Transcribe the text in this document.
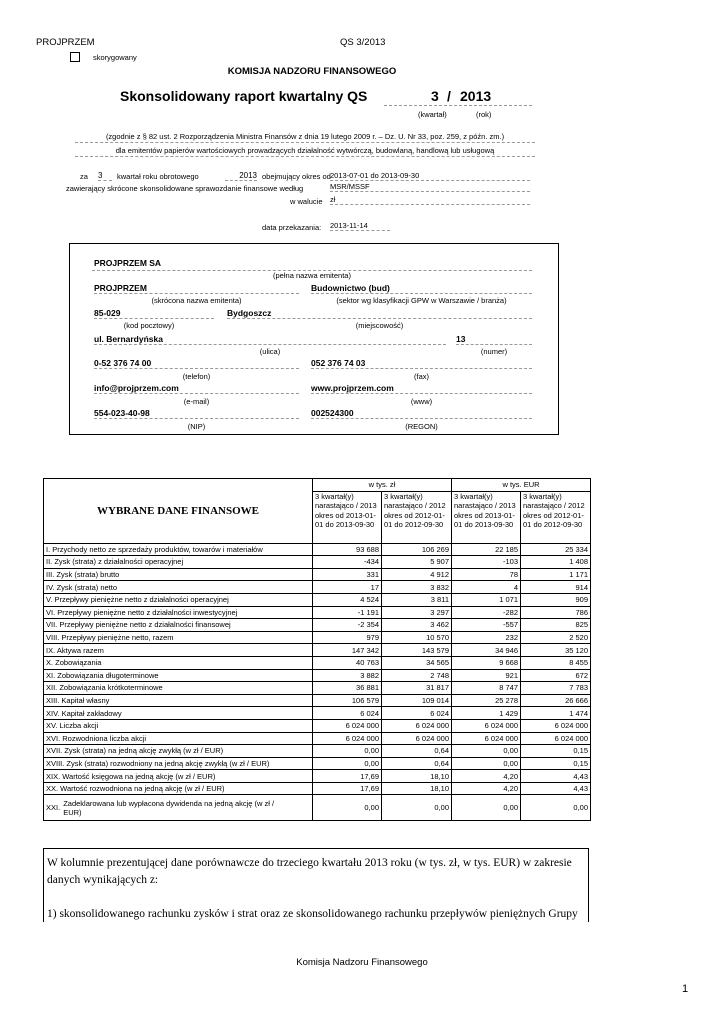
PROJPRZEM	QS 3/2013
skorygowany
KOMISJA NADZORU FINANSOWEGO
Skonsolidowany raport kwartalny QS	3 / 2013
(kwartał)	(rok)
(zgodnie z § 82 ust. 2 Rozporządzenia Ministra Finansów z dnia 19 lutego 2009 r. – Dz. U. Nr 33, poz. 259, z późn. zm.)
dla emitentów papierów wartościowych prowadzących działalność wytwórczą, budowlaną, handlową lub usługową
za 3	kwartał roku obrotowego	2013 obejmujący okres od 2013-07-01 do 2013-09-30
zawierający skrócone skonsolidowane sprawozdanie finansowe według	MSR/MSSF
w walucie zł
data przekazania: 2013-11-14
PROJPRZEM SA
(pełna nazwa emitenta)
PROJPRZEM
(skrócona nazwa emitenta)
Budownictwo (bud)
(sektor wg klasyfikacji GPW w Warszawie / branża)
85-029
(kod pocztowy)
Bydgoszcz
(miejscowość)
ul. Bernardyńska
(ulica)
13
(numer)
0-52 376 74 00
(telefon)
052 376 74 03
(fax)
info@projprzem.com
(e-mail)
www.projprzem.com
(www)
554-023-40-98
(NIP)
002524300
(REGON)
WYBRANE DANE FINANSOWE	w tys. zł		w tys. EUR	
	3 kwartał(y) narastająco / 2013 okres od 2013-01-01 do 2013-09-30	3 kwartał(y) narastająco / 2012 okres od 2012-01-01 do 2012-09-30	3 kwartał(y) narastająco / 2013 okres od 2013-01-01 do 2013-09-30	3 kwartał(y) narastająco / 2012 okres od 2012-01-01 do 2012-09-30
I. Przychody netto ze sprzedaży produktów, towarów i materiałów	93 688	106 269	22 185	25 334
II. Zysk (strata) z działalności operacyjnej	-434	5 907	-103	1 408
III. Zysk (strata) brutto	331	4 912	78	1 171
IV. Zysk (strata) netto	17	3 832	4	914
V. Przepływy pieniężne netto z działalności operacyjnej	4 524	3 811	1 071	909
VI. Przepływy pieniężne netto z działalności inwestycyjnej	-1 191	3 297	-282	786
VII. Przepływy pieniężne netto z działalności finansowej	-2 354	3 462	-557	825
VIII. Przepływy pieniężne netto, razem	979	10 570	232	2 520
IX. Aktywa razem	147 342	143 579	34 946	35 120
X. Zobowiązania	40 763	34 565	9 668	8 455
XI. Zobowiązania długoterminowe	3 882	2 748	921	672
XII. Zobowiązania krótkoterminowe	36 881	31 817	8 747	7 783
XIII. Kapitał własny	106 579	109 014	25 278	26 666
XIV. Kapitał zakładowy	6 024	6 024	1 429	1 474
XV. Liczba akcji	6 024 000	6 024 000	6 024 000	6 024 000
XVI. Rozwodniona liczba akcji	6 024 000	6 024 000	6 024 000	6 024 000
XVII. Zysk (strata) na jedną akcję zwykłą (w zł / EUR)	0,00	0,64	0,00	0,15
XVIII. Zysk (strata) rozwodniony na jedną akcję zwykłą (w zł / EUR)	0,00	0,64	0,00	0,15
XIX. Wartość księgowa na jedną akcję (w zł / EUR)	17,69	18,10	4,20	4,43
XX. Wartość rozwodniona na jedną akcję (w zł / EUR)	17,69	18,10	4,20	4,43

XXI. Zadeklarowana lub wypłacona dywidenda na jedną akcję (w zł / EUR)	0,00	0,00	0,00	0,00
W kolumnie prezentującej dane porównawcze do trzeciego kwartału 2013 roku (w tys. zł, w tys. EUR) w zakresie danych wynikających z:
1) skonsolidowanego rachunku zysków i strat oraz ze skonsolidowanego rachunku przepływów pieniężnych Grupy
Komisja Nadzoru Finansowego
1
